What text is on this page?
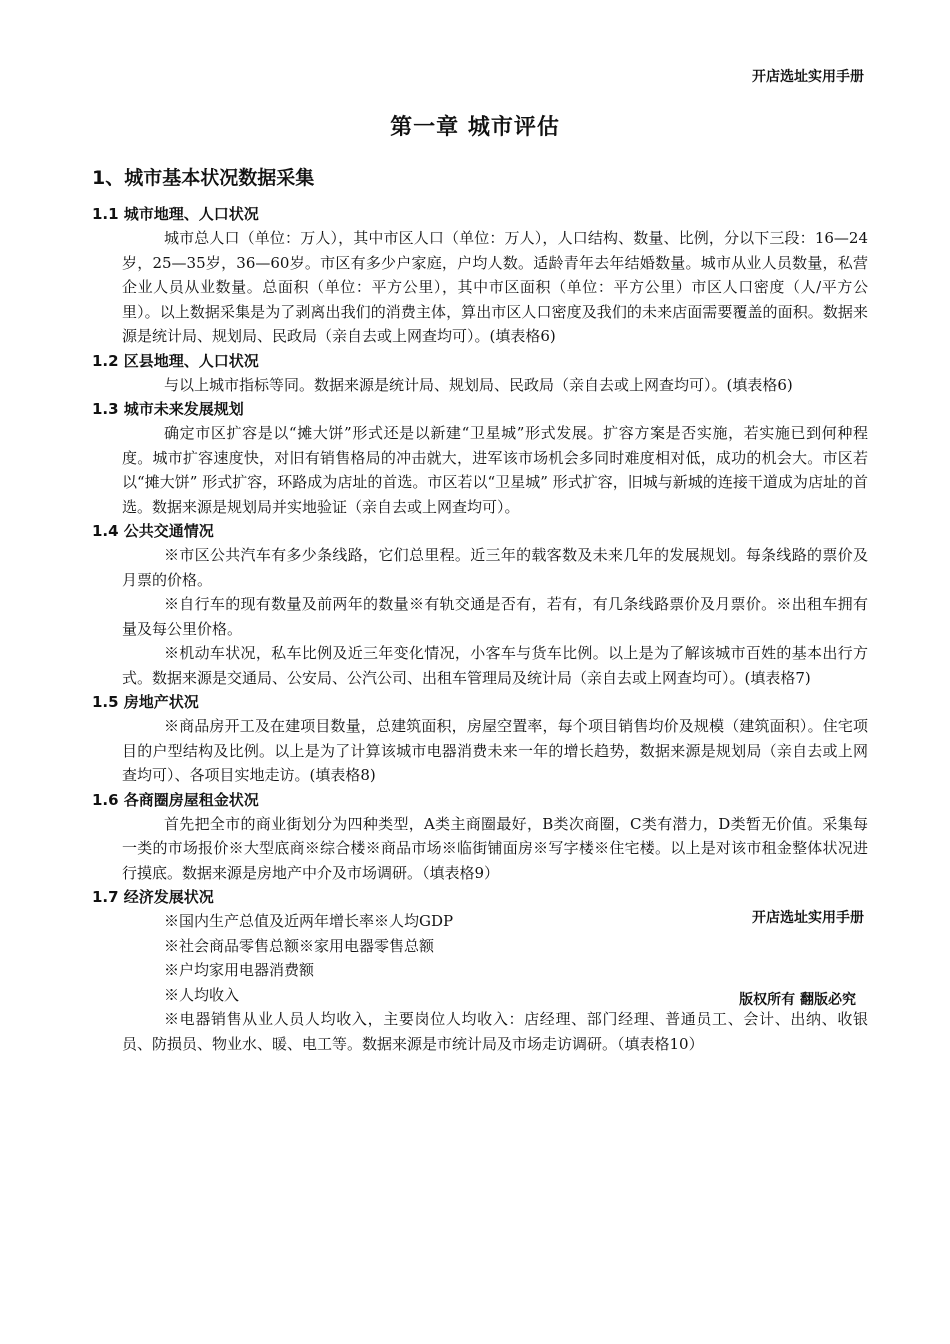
开店选址实用手册
第一章 城市评估
1、城市基本状况数据采集
1.1 城市地理、人口状况

城市总人口（单位：万人），其中市区人口（单位：万人），人口结构、数量、比例，分以下三段：16—24岁，25—35岁，36—60岁。市区有多少户家庭，户均人数。适龄青年去年结婚数量。城市从业人员数量，私营企业人员从业数量。总面积（单位：平方公里），其中市区面积（单位：平方公里）市区人口密度（人/平方公里）。以上数据采集是为了剥离出我们的消费主体，算出市区人口密度及我们的未来店面需要覆盖的面积。数据来源是统计局、规划局、民政局（亲自去或上网查均可）。(填表格6)

1.2 区县地理、人口状况

与以上城市指标等同。数据来源是统计局、规划局、民政局（亲自去或上网查均可）。(填表格6)

1.3 城市未来发展规划

确定市区扩容是以“摊大饼”形式还是以新建“卫星城”形式发展。扩容方案是否实施，若实施已到何种程度。城市扩容速度快，对旧有销售格局的冲击就大，进军该市场机会多同时难度相对低，成功的机会大。市区若以“摊大饼” 形式扩容，环路成为店址的首选。市区若以“卫星城” 形式扩容，旧城与新城的连接干道成为店址的首选。数据来源是规划局并实地验证（亲自去或上网查均可）。

1.4 公共交通情况

※市区公共汽车有多少条线路，它们总里程。近三年的载客数及未来几年的发展规划。每条线路的票价及月票的价格。

※自行车的现有数量及前两年的数量※有轨交通是否有，若有，有几条线路票价及月票价。※出租车拥有量及每公里价格。

※机动车状况，私车比例及近三年变化情况，小客车与货车比例。以上是为了解该城市百姓的基本出行方式。数据来源是交通局、公安局、公汽公司、出租车管理局及统计局（亲自去或上网查均可）。(填表格7)

1.5 房地产状况

※商品房开工及在建项目数量，总建筑面积，房屋空置率，每个项目销售均价及规模（建筑面积）。住宅项目的户型结构及比例。以上是为了计算该城市电器消费未来一年的增长趋势，数据来源是规划局（亲自去或上网查均可）、各项目实地走访。(填表格8)

1.6 各商圈房屋租金状况

首先把全市的商业街划分为四种类型，A类主商圈最好，B类次商圈，C类有潜力，D类暂无价值。采集每一类的市场报价※大型底商※综合楼※商品市场※临街铺面房※写字楼※住宅楼。以上是对该市租金整体状况进行摸底。数据来源是房地产中介及市场调研。（填表格9）

1.7 经济发展状况
※国内生产总值及近两年增长率※人均GDP
※社会商品零售总额※家用电器零售总额
※户均家用电器消费额
※人均收入

※电器销售从业人员人均收入，主要岗位人均收入：店经理、部门经理、普通员工、会计、出纳、收银员、防损员、物业水、暖、电工等。数据来源是市统计局及市场走访调研。（填表格10）

开店选址实用手册
版权所有 翻版必究
